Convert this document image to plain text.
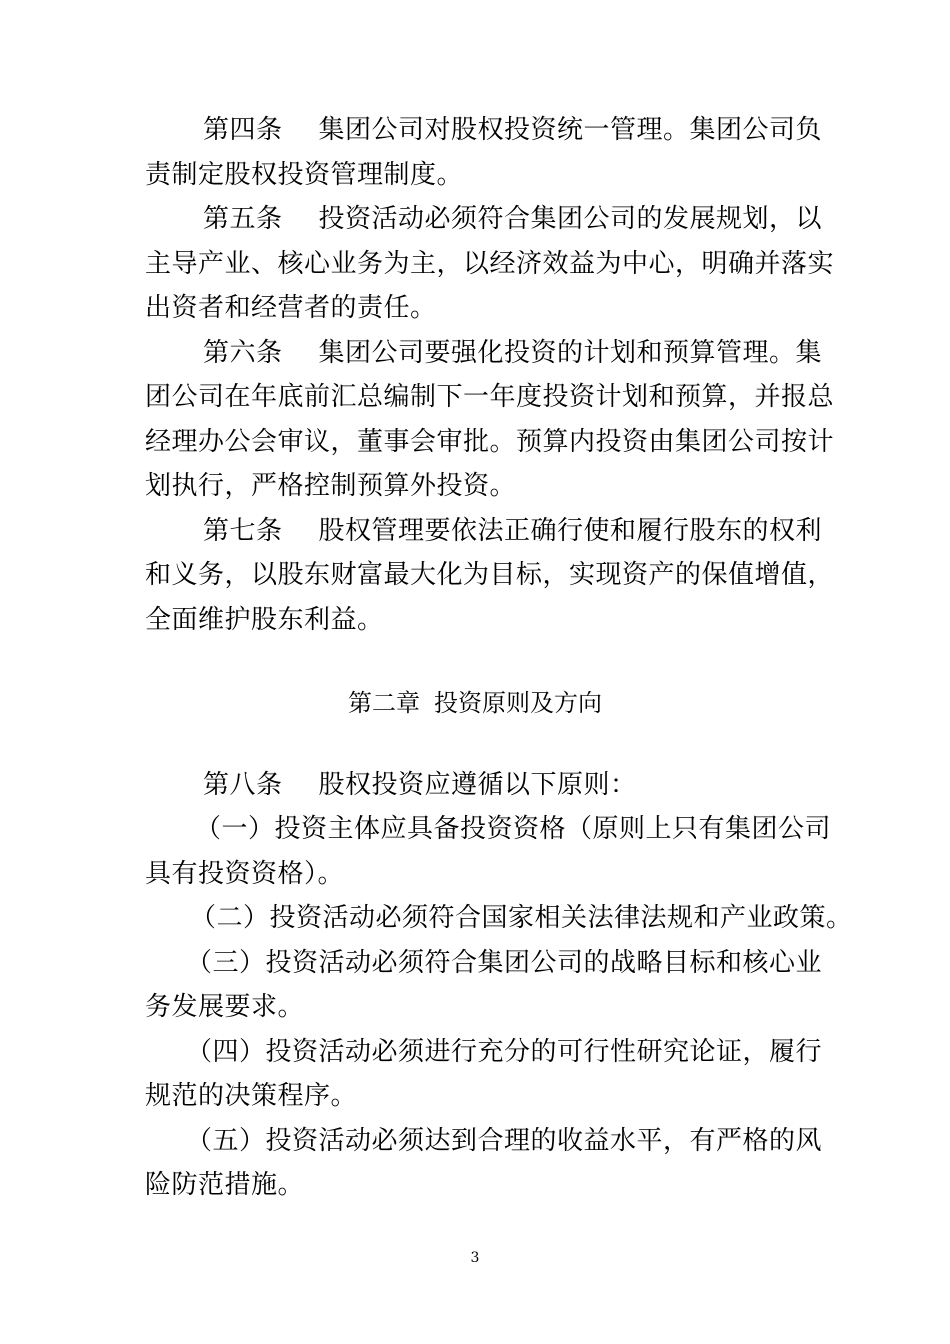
第四条 集团公司对股权投资统一管理。集团公司负
责制定股权投资管理制度。
第五条 投资活动必须符合集团公司的发展规划，以
主导产业、核心业务为主，以经济效益为中心，明确并落实
出资者和经营者的责任。
第六条 集团公司要强化投资的计划和预算管理。集
团公司在年底前汇总编制下一年度投资计划和预算，并报总
经理办公会审议，董事会审批。预算内投资由集团公司按计
划执行，严格控制预算外投资。
第七条 股权管理要依法正确行使和履行股东的权利
和义务，以股东财富最大化为目标，实现资产的保值增值，
全面维护股东利益。
第二章 投资原则及方向
第八条 股权投资应遵循以下原则：
（一）投资主体应具备投资资格（原则上只有集团公司
具有投资资格）。
（二）投资活动必须符合国家相关法律法规和产业政策。
（三）投资活动必须符合集团公司的战略目标和核心业
务发展要求。
（四）投资活动必须进行充分的可行性研究论证，履行
规范的决策程序。
（五）投资活动必须达到合理的收益水平，有严格的风
险防范措施。
3
